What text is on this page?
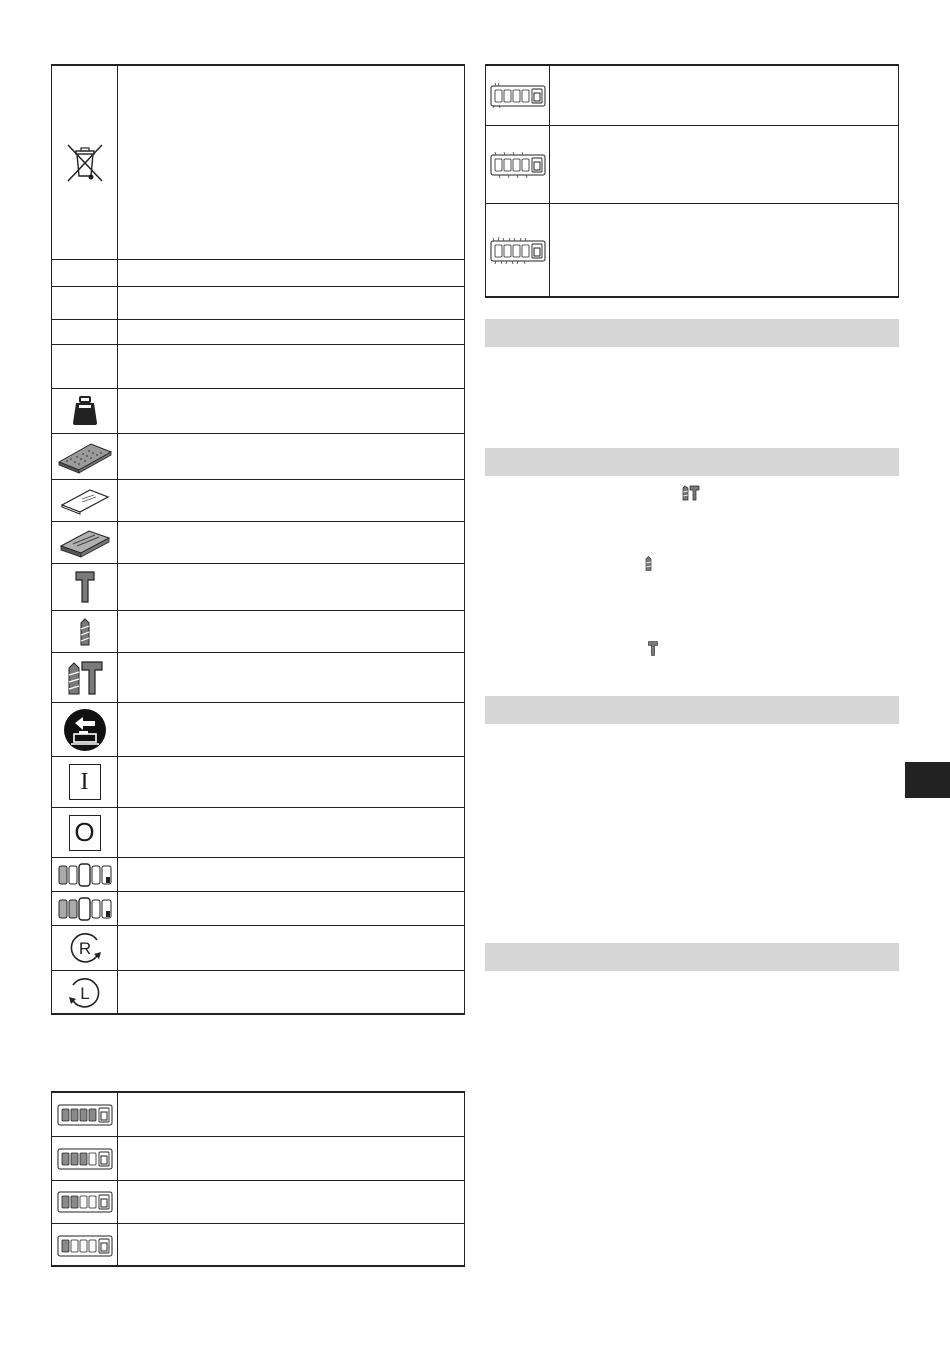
I
O
R
L
